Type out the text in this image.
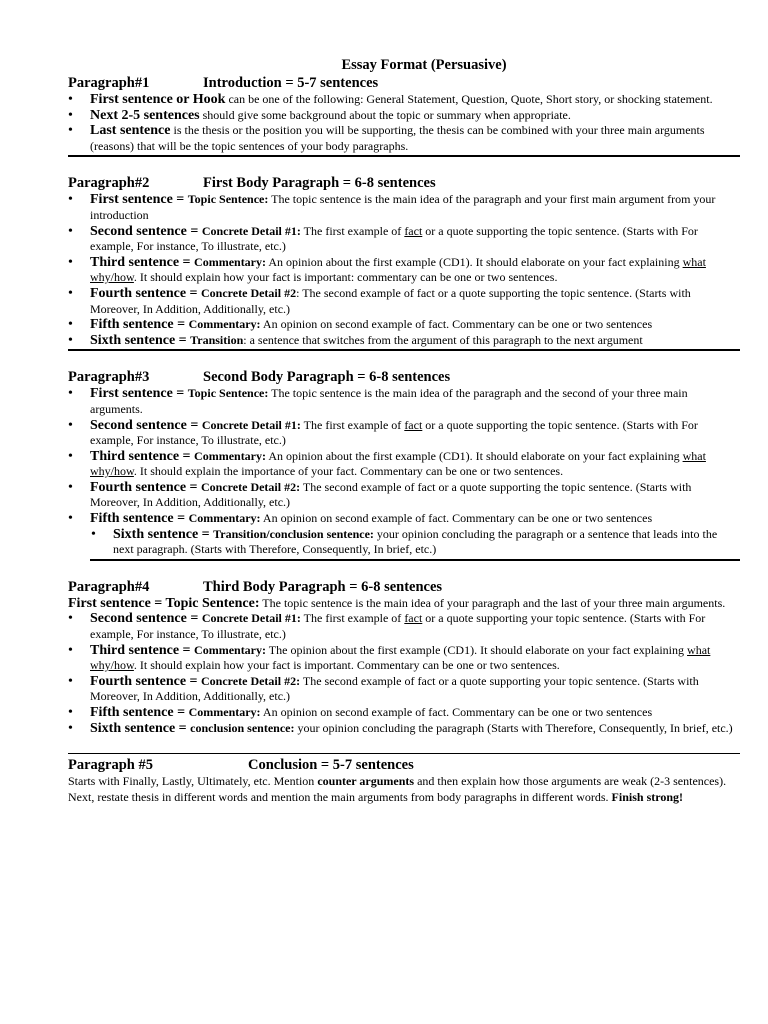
Essay Format (Persuasive)
Paragraph#1	Introduction = 5-7 sentences
• First sentence or Hook can be one of the following: General Statement, Question, Quote, Short story, or shocking statement.
• Next 2-5 sentences should give some background about the topic or summary when appropriate.
• Last sentence is the thesis or the position you will be supporting, the thesis can be combined with your three main arguments (reasons) that will be the topic sentences of your body paragraphs.
Paragraph#2	First Body Paragraph = 6-8 sentences
• First sentence = Topic Sentence: The topic sentence is the main idea of the paragraph and your first main argument from your introduction
• Second sentence = Concrete Detail #1: The first example of fact or a quote supporting the topic sentence. (Starts with For example, For instance, To illustrate, etc.)
• Third sentence = Commentary: An opinion about the first example (CD1). It should elaborate on your fact explaining what why/how. It should explain how your fact is important: commentary can be one or two sentences.
• Fourth sentence = Concrete Detail #2: The second example of fact or a quote supporting the topic sentence. (Starts with Moreover, In Addition, Additionally, etc.)
• Fifth sentence = Commentary: An opinion on second example of fact. Commentary can be one or two sentences
• Sixth sentence = Transition: a sentence that switches from the argument of this paragraph to the next argument
Paragraph#3	Second Body Paragraph = 6-8 sentences
• First sentence = Topic Sentence: The topic sentence is the main idea of the paragraph and the second of your three main arguments.
• Second sentence = Concrete Detail #1: The first example of fact or a quote supporting the topic sentence. (Starts with For example, For instance, To illustrate, etc.)
• Third sentence = Commentary: An opinion about the first example (CD1). It should elaborate on your fact explaining what why/how. It should explain the importance of your fact. Commentary can be one or two sentences.
• Fourth sentence = Concrete Detail #2: The second example of fact or a quote supporting the topic sentence. (Starts with Moreover, In Addition, Additionally, etc.)
• Fifth sentence = Commentary: An opinion on second example of fact. Commentary can be one or two sentences
• Sixth sentence = Transition/conclusion sentence: your opinion concluding the paragraph or a sentence that leads into the next paragraph. (Starts with Therefore, Consequently, In brief, etc.)
Paragraph#4	Third Body Paragraph = 6-8 sentences
First sentence = Topic Sentence: The topic sentence is the main idea of your paragraph and the last of your three main arguments.
• Second sentence = Concrete Detail #1: The first example of fact or a quote supporting your topic sentence. (Starts with For example, For instance, To illustrate, etc.)
• Third sentence = Commentary: The opinion about the first example (CD1). It should elaborate on your fact explaining what why/how. It should explain how your fact is important. Commentary can be one or two sentences.
• Fourth sentence = Concrete Detail #2: The second example of fact or a quote supporting your topic sentence. (Starts with Moreover, In Addition, Additionally, etc.)
• Fifth sentence = Commentary: An opinion on second example of fact. Commentary can be one or two sentences
• Sixth sentence = conclusion sentence: your opinion concluding the paragraph (Starts with Therefore, Consequently, In brief, etc.)
Paragraph #5	Conclusion = 5-7 sentences
Starts with Finally, Lastly, Ultimately, etc. Mention counter arguments and then explain how those arguments are weak (2-3 sentences). Next, restate thesis in different words and mention the main arguments from body paragraphs in different words. Finish strong!
